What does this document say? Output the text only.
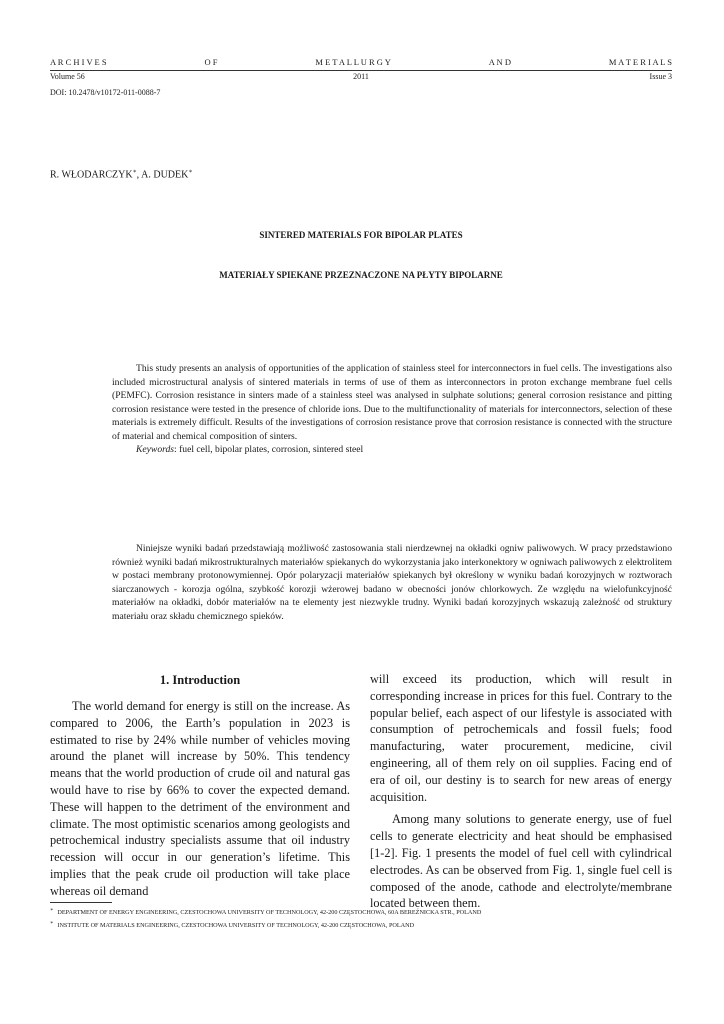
A R C H I V E S	O F	M E T A L L U R G Y	A N D	M A T E R I A L S
Volume 56	2011	Issue 3
DOI: 10.2478/v10172-011-0088-7
R. WŁODARCZYK∗, A. DUDEK∗
SINTERED MATERIALS FOR BIPOLAR PLATES
MATERIAŁY SPIEKANE PRZEZNACZONE NA PŁYTY BIPOLARNE

This study presents an analysis of opportunities of the application of stainless steel for interconnectors in fuel cells. The investigations also included microstructural analysis of sintered materials in terms of use of them as interconnectors in proton exchange membrane fuel cells (PEMFC). Corrosion resistance in sinters made of a stainless steel was analysed in sulphate solutions; general corrosion resistance and pitting corrosion resistance were tested in the presence of chloride ions. Due to the multifunctionality of materials for interconnectors, selection of these materials is extremely difficult. Results of the investigations of corrosion resistance prove that corrosion resistance is connected with the structure of material and chemical composition of sinters.

Keywords: fuel cell, bipolar plates, corrosion, sintered steel

Niniejsze wyniki badań przedstawiają możliwość zastosowania stali nierdzewnej na okładki ogniw paliwowych. W pracy przedstawiono również wyniki badań mikrostrukturalnych materiałów spiekanych do wykorzystania jako interkonektory w ogniwach paliwowych z elektrolitem w postaci membrany protonowymiennej. Opór polaryzacji materiałów spiekanych był określony w wyniku badań korozyjnych w roztworach siarczanowych - korozja ogólna, szybkość korozji wżerowej badano w obecności jonów chlorkowych. Ze względu na wielofunkcyjność materiałów na okładki, dobór materiałów na te elementy jest niezwykle trudny. Wyniki badań korozyjnych wskazują zależność od struktury materiału oraz składu chemicznego spieków.

1. Introduction

The world demand for energy is still on the increase. As compared to 2006, the Earth’s population in 2023 is estimated to rise by 24% while number of vehicles moving around the planet will increase by 50%. This tendency means that the world production of crude oil and natural gas would have to rise by 66% to cover the expected demand. These will happen to the detriment of the environment and climate. The most optimistic scenarios among geologists and petrochemical industry specialists assume that oil industry recession will occur in our generation’s lifetime. This implies that the peak crude oil production will take place whereas oil demand

will exceed its production, which will result in corresponding increase in prices for this fuel. Contrary to the popular belief, each aspect of our lifestyle is associated with consumption of petrochemicals and fossil fuels; food manufacturing, water procurement, medicine, civil engineering, all of them rely on oil supplies. Facing end of era of oil, our destiny is to search for new areas of energy acquisition.

Among many solutions to generate energy, use of fuel cells to generate electricity and heat should be emphasised [1-2]. Fig. 1 presents the model of fuel cell with cylindrical electrodes. As can be observed from Fig. 1, single fuel cell is composed of the anode, cathode and electrolyte/membrane located between them.

∗ DEPARTMENT OF ENERGY ENGINEERING, CZESTOCHOWA UNIVERSITY OF TECHNOLOGY, 42-200 CZĘSTOCHOWA, 60A BEREŹNICKA STR., POLAND
∗ INSTITUTE OF MATERIALS ENGINEERING, CZESTOCHOWA UNIVERSITY OF TECHNOLOGY, 42-200 CZĘSTOCHOWA, POLAND
